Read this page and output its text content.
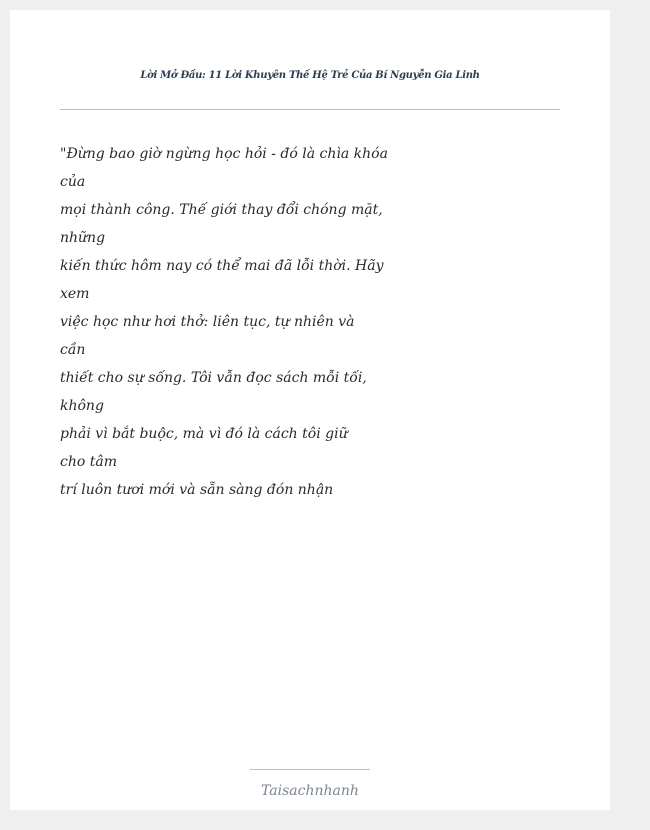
Lời Mở Đầu: 11 Lời Khuyên Thế Hệ Trẻ Của Bí Nguyễn Gia Linh
"Đừng bao giờ ngừng học hỏi - đó là chìa khóa
của
mọi thành công. Thế giới thay đổi chóng mặt,
những
kiến thức hôm nay có thể mai đã lỗi thời. Hãy
xem
việc học như hơi thở: liên tục, tự nhiên và
cần
thiết cho sự sống. Tôi vẫn đọc sách mỗi tối,
không
phải vì bắt buộc, mà vì đó là cách tôi giữ
cho tâm
trí luôn tươi mới và sẵn sàng đón nhận
Taisachnhanh
